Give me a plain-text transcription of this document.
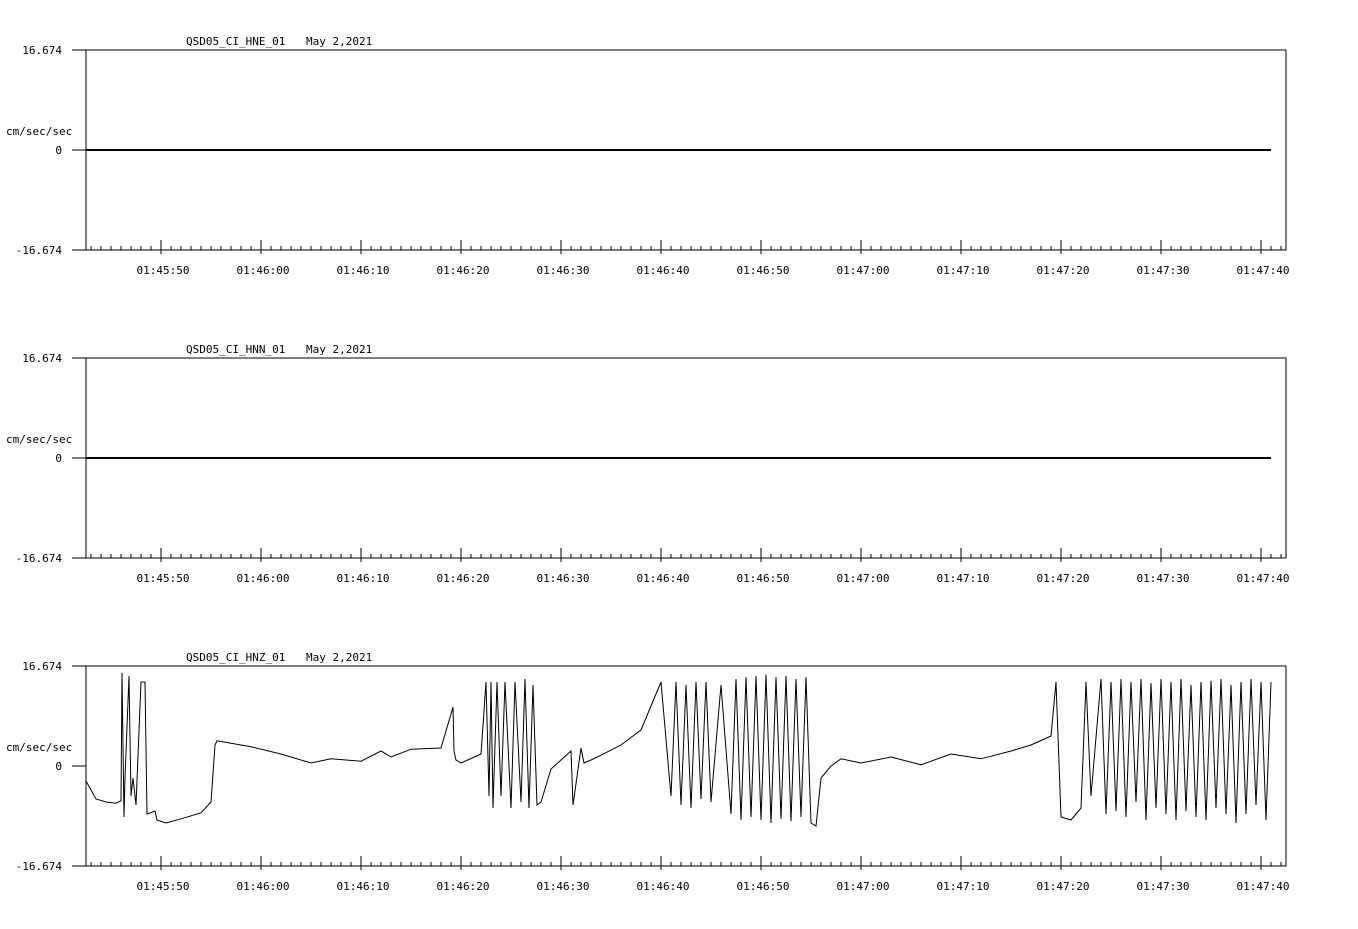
QSD05_CI_HNE_01 May 2,2021
cm/sec/sec
16.674
0
-16.674
01:45:50	01:46:00	01:46:10	01:46:20	01:46:30	01:46:40	01:46:50	01:47:00	01:47:10	01:47:20	01:47:30	01:47:40
QSD05_CI_HNN_01 May 2,2021
cm/sec/sec
16.674
0
-16.674
01:45:50	01:46:00	01:46:10	01:46:20	01:46:30	01:46:40	01:46:50	01:47:00	01:47:10	01:47:20	01:47:30	01:47:40
QSD05_CI_HNZ_01 May 2,2021
cm/sec/sec
16.674
0
-16.674
01:45:50	01:46:00	01:46:10	01:46:20	01:46:30	01:46:40	01:46:50	01:47:00	01:47:10	01:47:20	01:47:30	01:47:40
